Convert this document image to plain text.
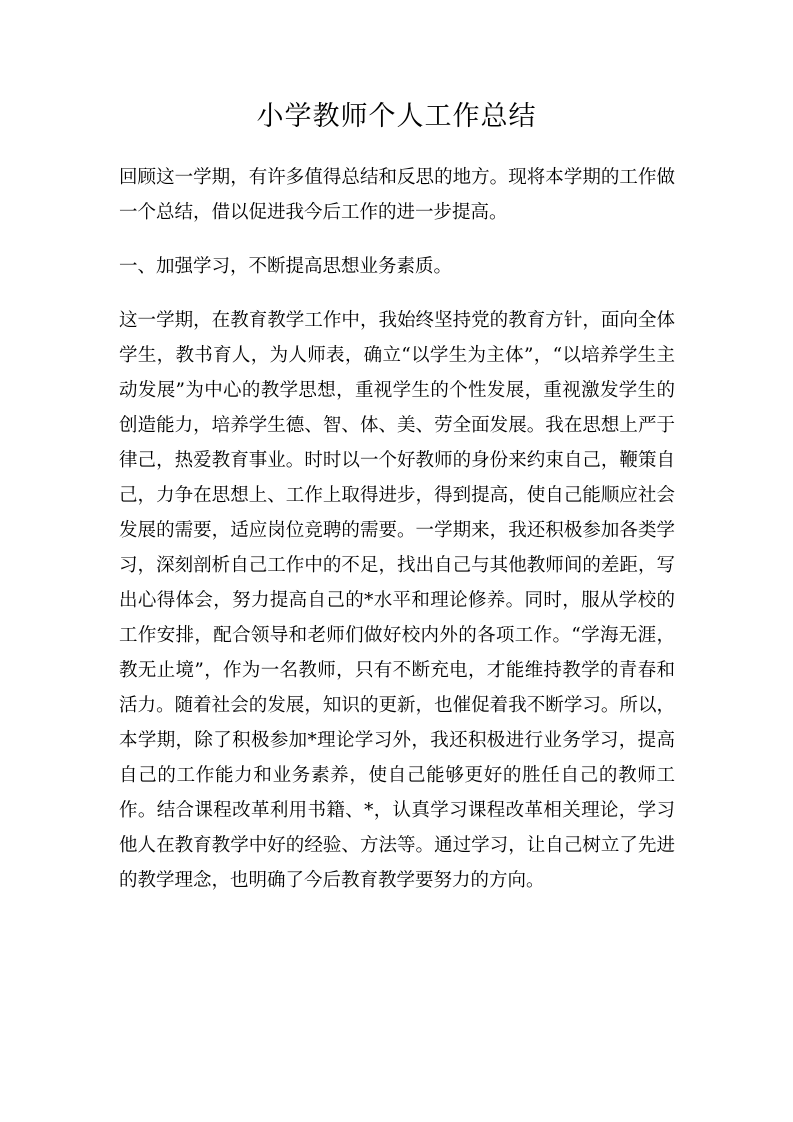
小学教师个人工作总结

回顾这一学期，有许多值得总结和反思的地方。现将本学期的工作做一个总结，借以促进我今后工作的进一步提高。

一、加强学习，不断提高思想业务素质。

这一学期，在教育教学工作中，我始终坚持党的教育方针，面向全体学生，教书育人，为人师表，确立“以学生为主体”，“以培养学生主动发展”为中心的教学思想，重视学生的个性发展，重视激发学生的创造能力，培养学生德、智、体、美、劳全面发展。我在思想上严于律己，热爱教育事业。时时以一个好教师的身份来约束自己，鞭策自己，力争在思想上、工作上取得进步，得到提高，使自己能顺应社会发展的需要，适应岗位竞聘的需要。一学期来，我还积极参加各类学习，深刻剖析自己工作中的不足，找出自己与其他教师间的差距，写出心得体会，努力提高自己的*水平和理论修养。同时，服从学校的工作安排，配合领导和老师们做好校内外的各项工作。“学海无涯，教无止境”，作为一名教师，只有不断充电，才能维持教学的青春和活力。随着社会的发展，知识的更新，也催促着我不断学习。所以，本学期，除了积极参加*理论学习外，我还积极进行业务学习，提高自己的工作能力和业务素养，使自己能够更好的胜任自己的教师工作。结合课程改革利用书籍、*，认真学习课程改革相关理论，学习他人在教育教学中好的经验、方法等。通过学习，让自己树立了先进的教学理念，也明确了今后教育教学要努力的方向。
